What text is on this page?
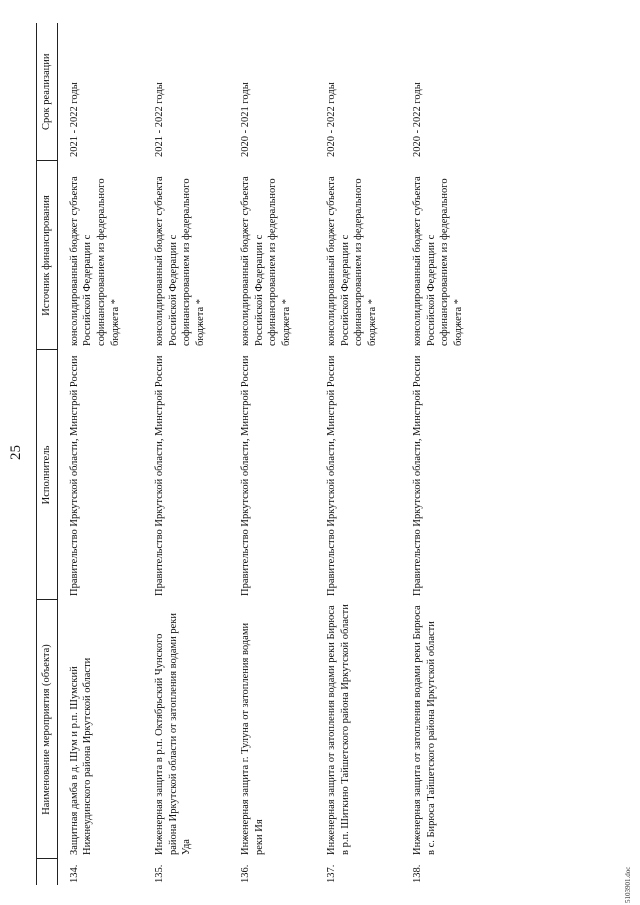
25
	Наименование мероприятия (объекта)	Исполнитель	Источник финансирования	Срок реализации
134.	Защитная дамба в д. Шум и р.п. Шумский Нижнеудинского района Иркутской области	Правительство Иркутской области, Минстрой России	консолидированный бюджет субъекта Российской Федерации с софинансированием из федерального бюджета *	2021 - 2022 годы
135.	Инженерная защита в р.п. Октябрьский Чунского района Иркутской области от затопления водами реки Уда	Правительство Иркутской области, Минстрой России	консолидированный бюджет субъекта Российской Федерации с софинансированием из федерального бюджета *	2021 - 2022 годы
136.	Инженерная защита г. Тулуна от затопления водами реки Ия	Правительство Иркутской области, Минстрой России	консолидированный бюджет субъекта Российской Федерации с софинансированием из федерального бюджета *	2020 - 2021 годы
137.	Инженерная защита от затопления водами реки Бирюса в р.п. Шиткино Тайшетского района Иркутской области	Правительство Иркутской области, Минстрой России	консолидированный бюджет субъекта Российской Федерации с софинансированием из федерального бюджета *	2020 - 2022 годы
138.	Инженерная защита от затопления водами реки Бирюса в с. Бирюса Тайшетского района Иркутской области	Правительство Иркутской области, Минстрой России	консолидированный бюджет субъекта Российской Федерации с софинансированием из федерального бюджета *	2020 - 2022 годы
5103901.doc
